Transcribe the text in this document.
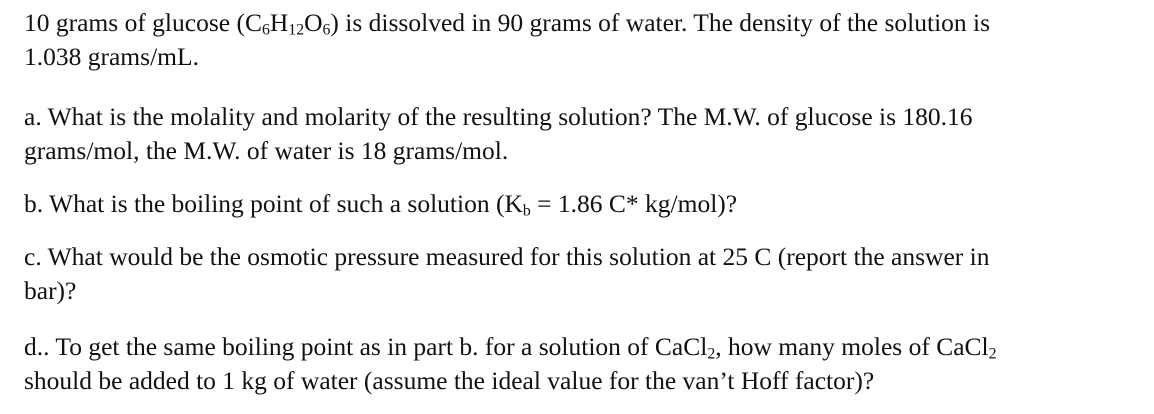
10 grams of glucose $(C_6H_{12}O_6)$ is dissolved in 90 grams of water. The density of the solution is
1.038 grams/mL.

a. What is the molality and molarity of the resulting solution? The M.W. of glucose is 180.16
grams/mol, the M.W. of water is 18 grams/mol.

b. What is the boiling point of such a solution ($K_b = 1.86$ C* kg/mol)?

c. What would be the osmotic pressure measured for this solution at 25 C (report the answer in
bar)?

d.. To get the same boiling point as in part b. for a solution of CaCl$_2$, how many moles of CaCl$_2$
should be added to 1 kg of water (assume the ideal value for the van’t Hoff factor)?
